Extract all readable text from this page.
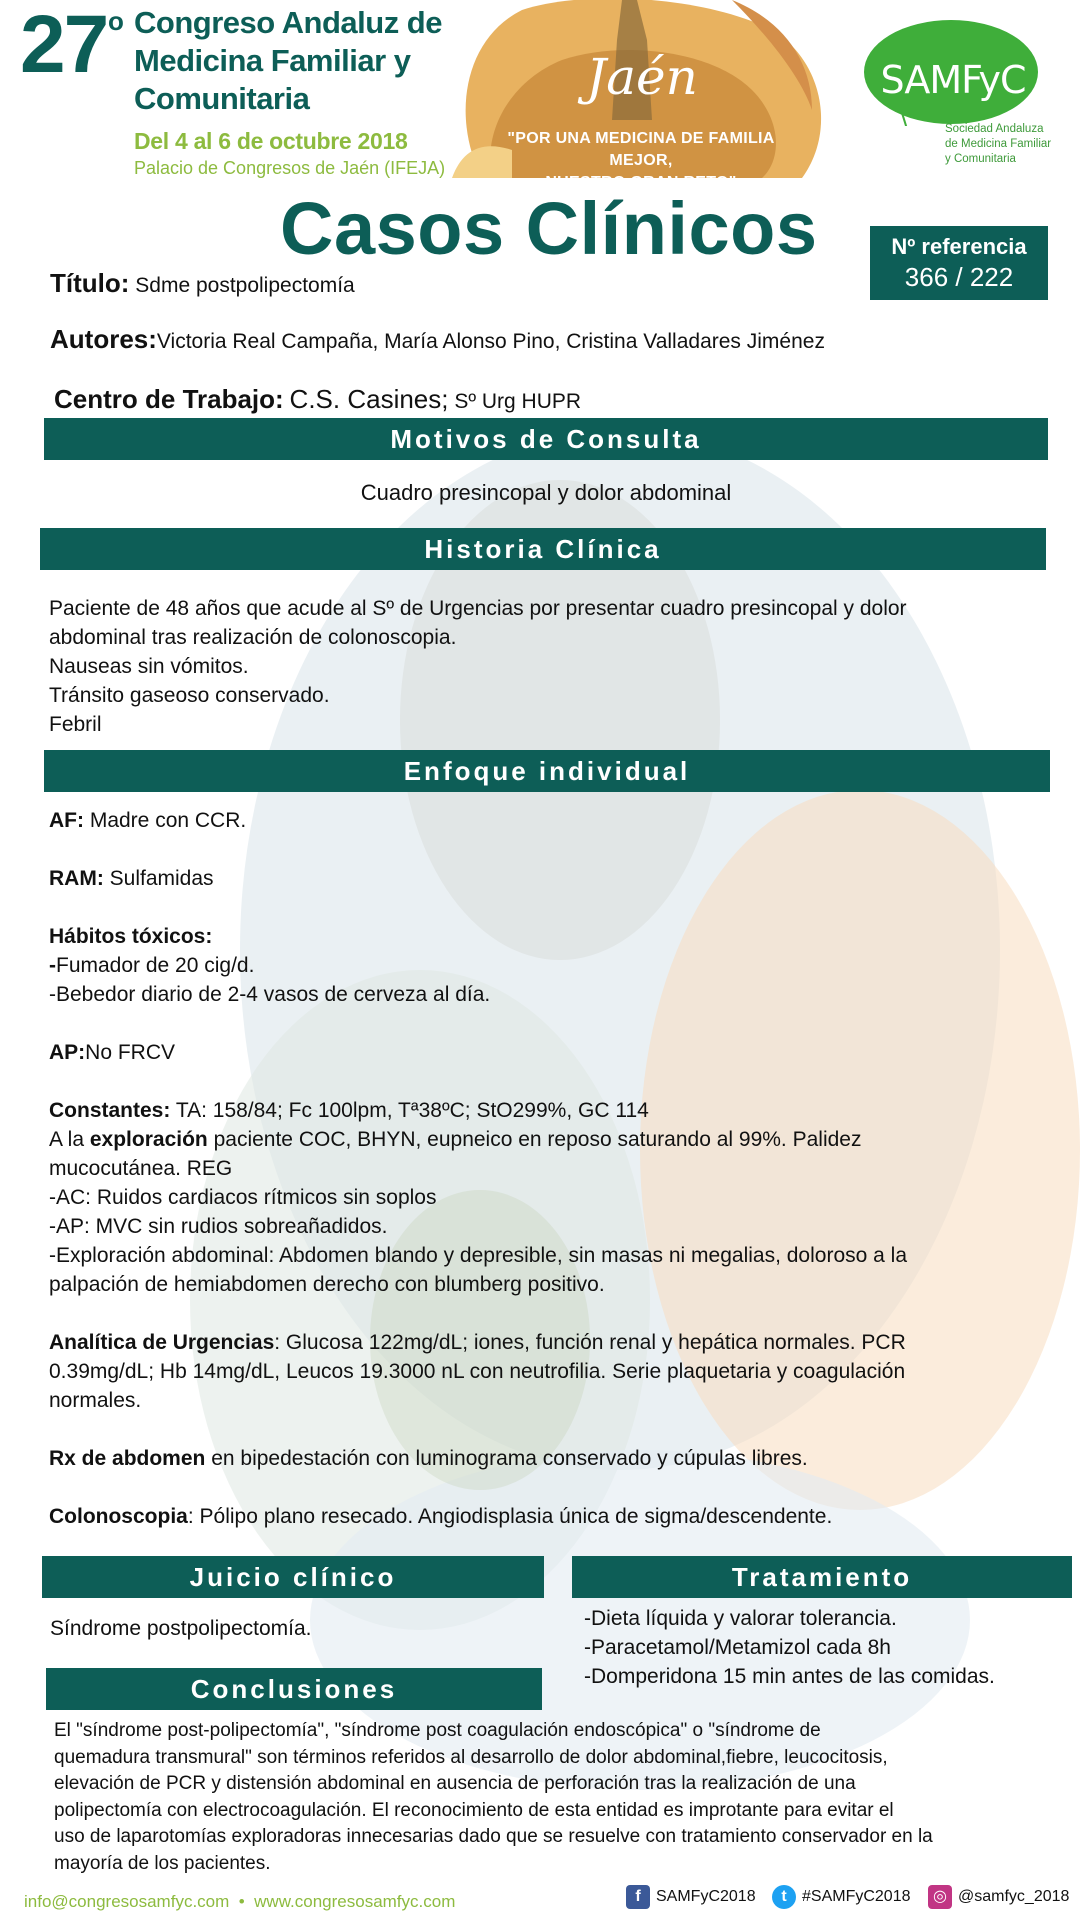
27 o Congreso Andaluz de Medicina Familiar y Comunitaria
Del 4 al 6 de octubre 2018
Palacio de Congresos de Jaén (IFEJA)
Jaén
"POR UNA MEDICINA DE FAMILIA MEJOR,
NUESTRO GRAN RETO"
SAMFyC
Sociedad Andaluza
de Medicina Familiar
y Comunitaria
Casos Clínicos	Nº referencia
366 / 222
Título: Sdme postpolipectomía
Autores:Victoria Real Campaña, María Alonso Pino, Cristina Valladares Jiménez
Centro de Trabajo: C.S. Casines; Sº Urg HUPR
Motivos de Consulta
Cuadro presincopal y dolor abdominal
Historia Clínica
Paciente de 48 años que acude al Sº de Urgencias por presentar cuadro presincopal y dolor
abdominal tras realización de colonoscopia.
Nauseas sin vómitos.
Tránsito gaseoso conservado.
Febril
Enfoque individual
AF: Madre con CCR.

RAM: Sulfamidas

Hábitos tóxicos:
-Fumador de 20 cig/d.
-Bebedor diario de 2-4 vasos de cerveza al día.

AP:No FRCV

Constantes: TA: 158/84; Fc 100lpm, Tª38ºC; StO299%, GC 114
A la exploración paciente COC, BHYN, eupneico en reposo saturando al 99%. Palidez
mucocutánea. REG
-AC: Ruidos cardiacos rítmicos sin soplos
-AP: MVC sin rudios sobreañadidos.
-Exploración abdominal: Abdomen blando y depresible, sin masas ni megalias, doloroso a la
palpación de hemiabdomen derecho con blumberg positivo.

Analítica de Urgencias: Glucosa 122mg/dL; iones, función renal y hepática normales. PCR
0.39mg/dL; Hb 14mg/dL, Leucos 19.3000 nL con neutrofilia. Serie plaquetaria y coagulación
normales.

Rx de abdomen en bipedestación con luminograma conservado y cúpulas libres.

Colonoscopia: Pólipo plano resecado. Angiodisplasia única de sigma/descendente.
Juicio clínico
Síndrome postpolipectomía.
Tratamiento
-Dieta líquida y valorar tolerancia.
-Paracetamol/Metamizol cada 8h
-Domperidona 15 min antes de las comidas.
Conclusiones
El "síndrome post-polipectomía", "síndrome post coagulación endoscópica" o "síndrome de
quemadura transmural" son términos referidos al desarrollo de dolor abdominal,fiebre, leucocitosis,
elevación de PCR y distensión abdominal en ausencia de perforación tras la realización de una
polipectomía con electrocoagulación. El reconocimiento de esta entidad es improtante para evitar el
uso de laparotomías exploradoras innecesarias dado que se resuelve con tratamiento conservador en la
mayoría de los pacientes.
info@congresosamfyc.com • www.congresosamfyc.com	f SAMFyC2018	t #SAMFyC2018	◎ @samfyc_2018
